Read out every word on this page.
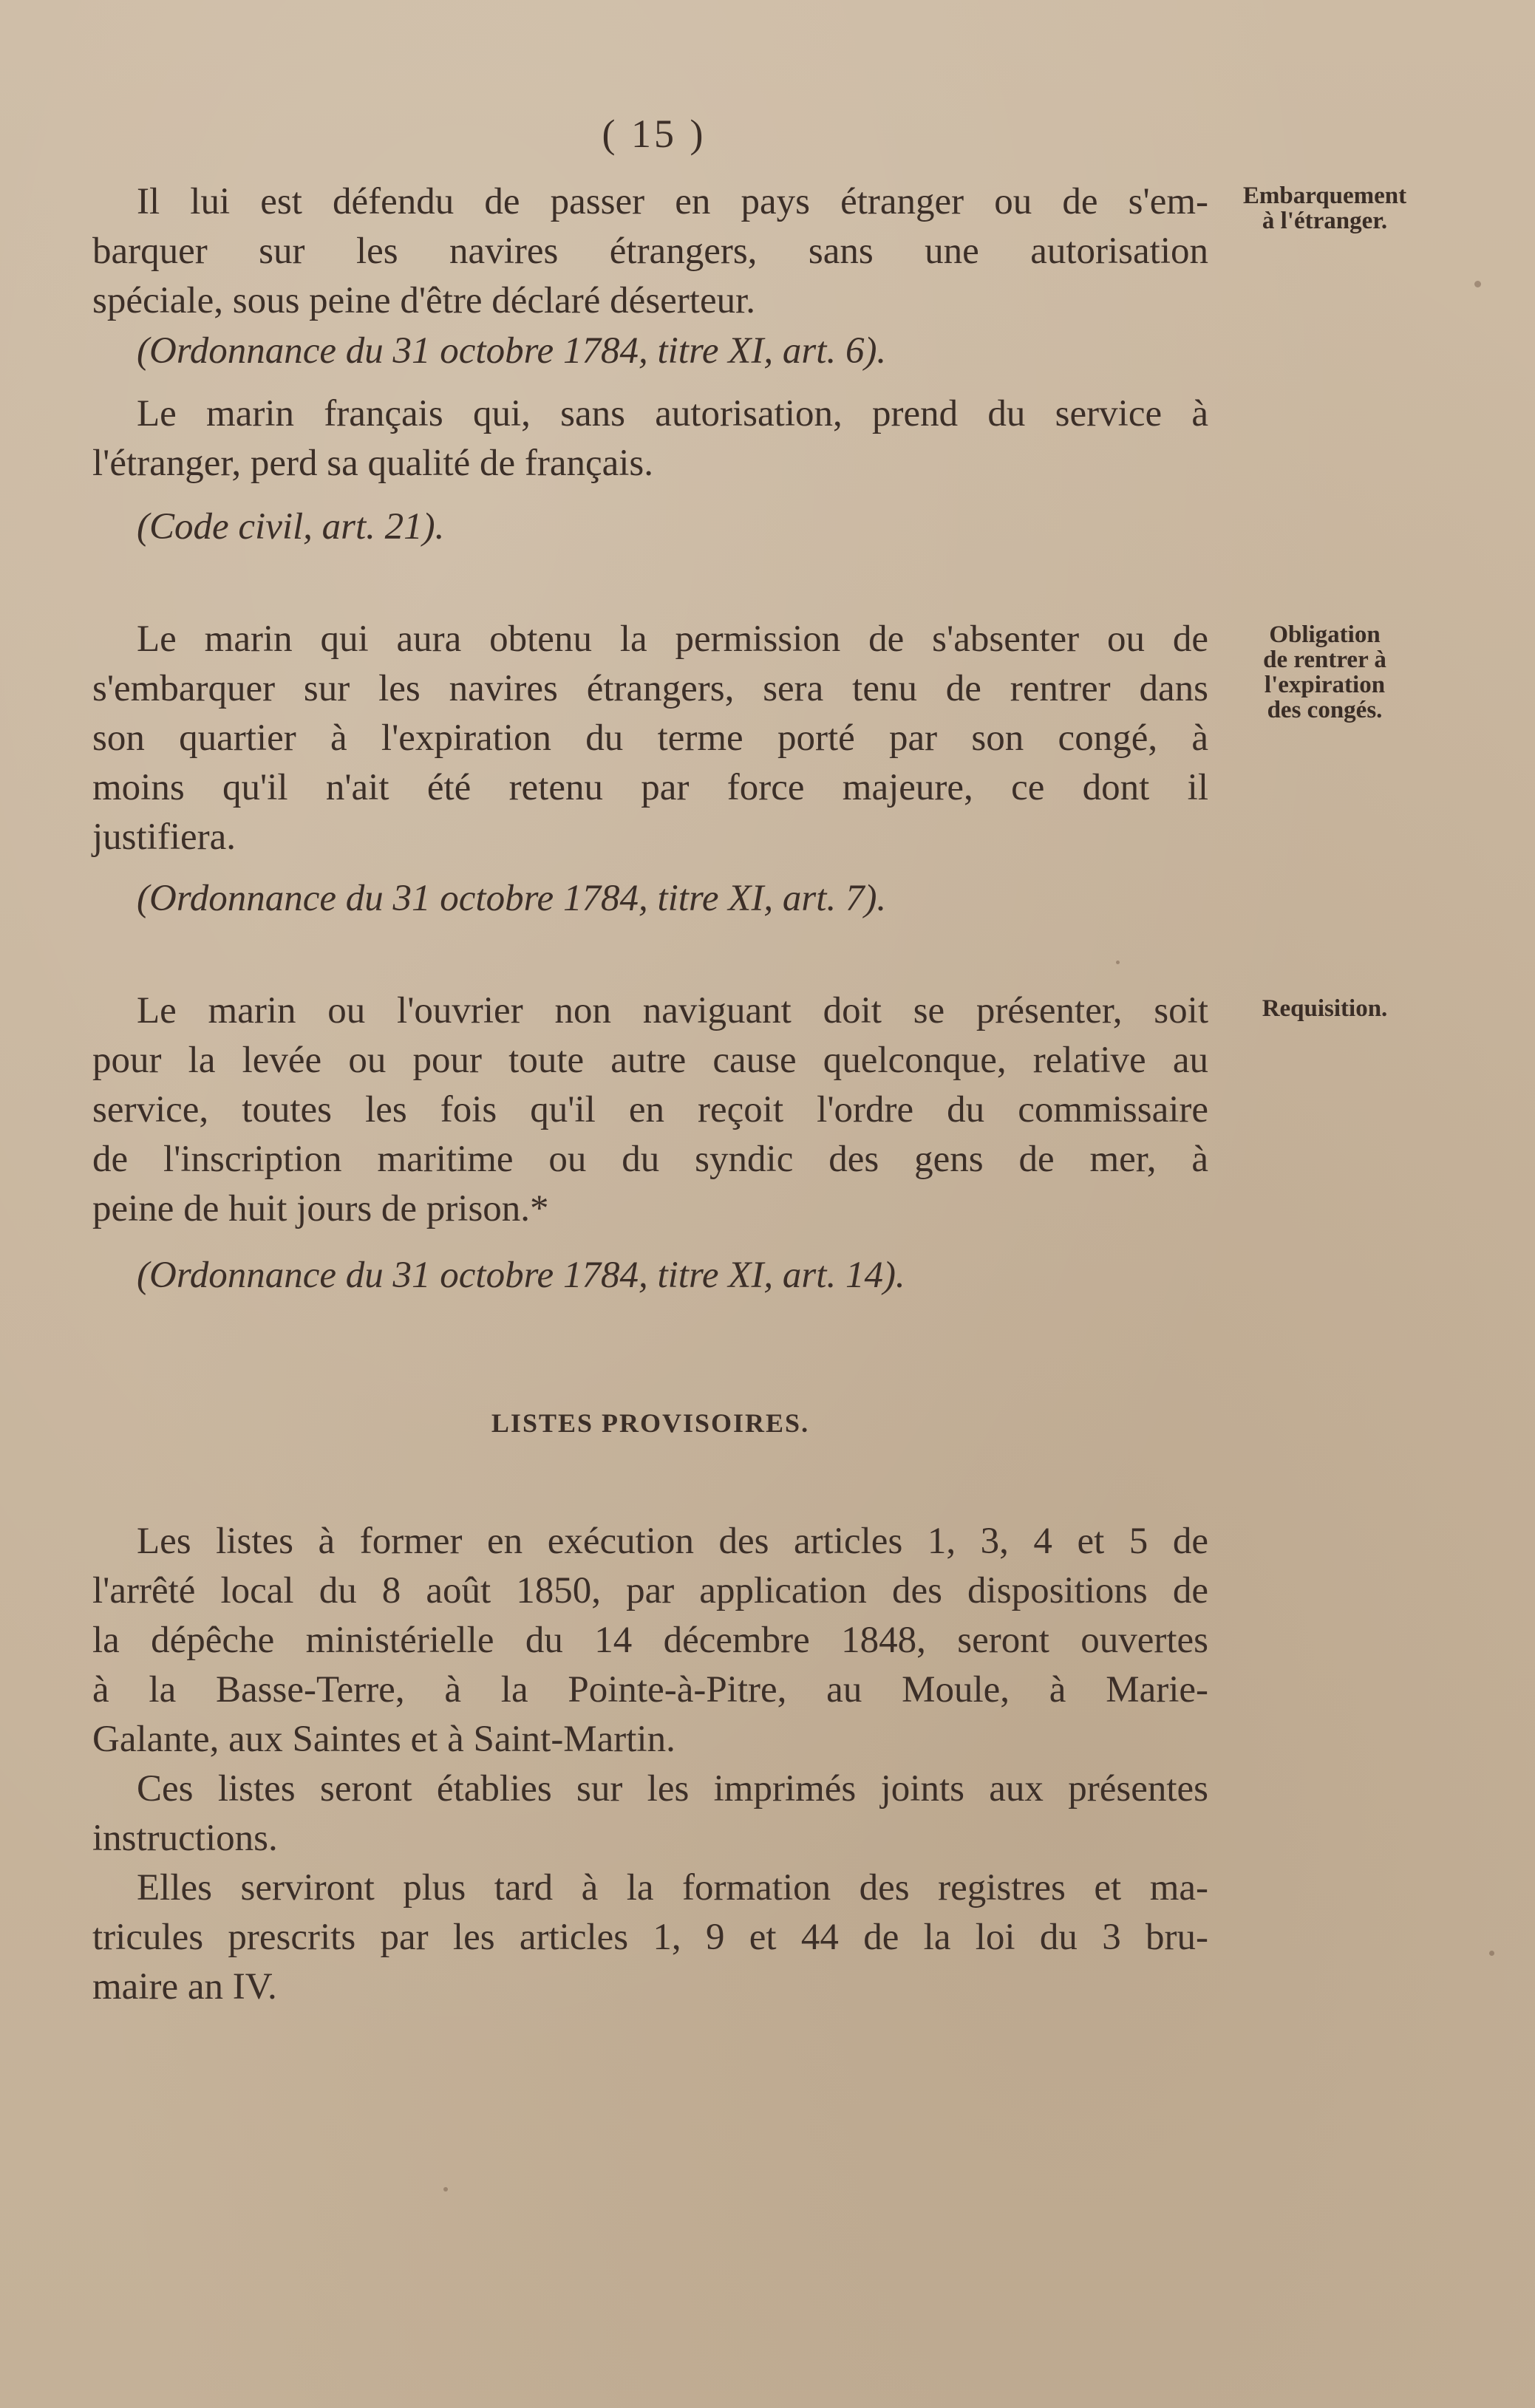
( 15 )
Embarquement
à l'étranger.
Il lui est défendu de passer en pays étranger ou de s'em-
barquer sur les navires étrangers, sans une autorisation
spéciale, sous peine d'être déclaré déserteur.
(Ordonnance du 31 octobre 1784, titre XI, art. 6).
Le marin français qui, sans autorisation, prend du service à
l'étranger, perd sa qualité de français.
(Code civil, art. 21).
Obligation
de rentrer à
l'expiration
des congés.
Le marin qui aura obtenu la permission de s'absenter ou de
s'embarquer sur les navires étrangers, sera tenu de rentrer dans
son quartier à l'expiration du terme porté par son congé, à
moins qu'il n'ait été retenu par force majeure, ce dont il
justifiera.
(Ordonnance du 31 octobre 1784, titre XI, art. 7).
Requisition.
Le marin ou l'ouvrier non naviguant doit se présenter, soit
pour la levée ou pour toute autre cause quelconque, relative au
service, toutes les fois qu'il en reçoit l'ordre du commissaire
de l'inscription maritime ou du syndic des gens de mer, à
peine de huit jours de prison.*
(Ordonnance du 31 octobre 1784, titre XI, art. 14).
LISTES PROVISOIRES.
Les listes à former en exécution des articles 1, 3, 4 et 5 de
l'arrêté local du 8 août 1850, par application des dispositions de
la dépêche ministérielle du 14 décembre 1848, seront ouvertes
à la Basse-Terre, à la Pointe-à-Pitre, au Moule, à Marie-
Galante, aux Saintes et à Saint-Martin.
Ces listes seront établies sur les imprimés joints aux présentes
instructions.
Elles serviront plus tard à la formation des registres et ma-
tricules prescrits par les articles 1, 9 et 44 de la loi du 3 bru-
maire an IV.
